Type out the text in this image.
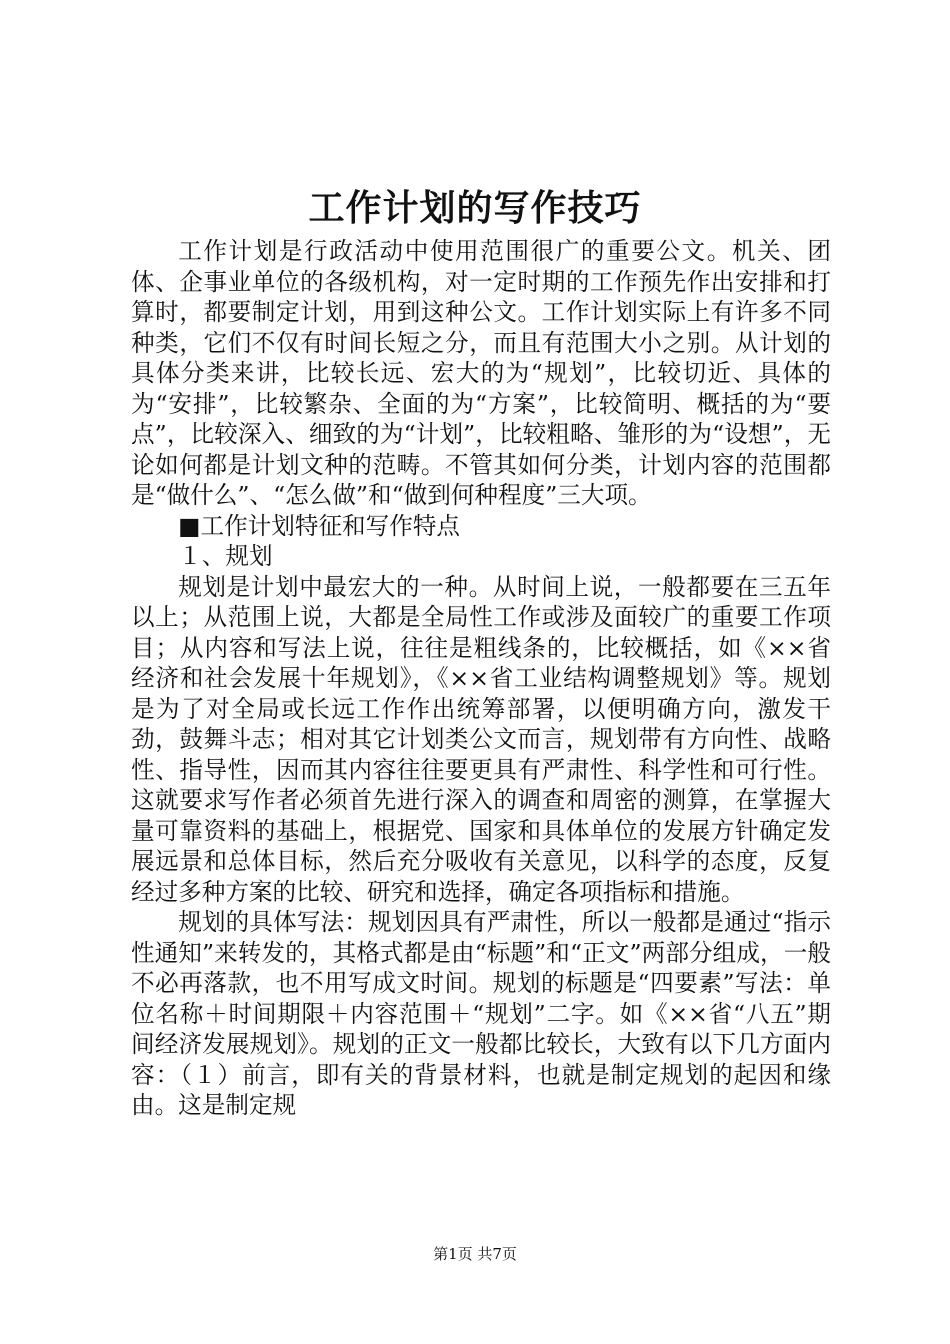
工作计划的写作技巧

工作计划是行政活动中使用范围很广的重要公文。机关、团体、企事业单位的各级机构，对一定时期的工作预先作出安排和打算时，都要制定计划，用到这种公文。工作计划实际上有许多不同种类，它们不仅有时间长短之分，而且有范围大小之别。从计划的具体分类来讲，比较长远、宏大的为“规划”，比较切近、具体的为“安排”，比较繁杂、全面的为“方案”，比较简明、概括的为“要点”，比较深入、细致的为“计划”，比较粗略、雏形的为“设想”，无论如何都是计划文种的范畴。不管其如何分类，计划内容的范围都是“做什么”、“怎么做”和“做到何种程度”三大项。

■工作计划特征和写作特点

１、规划

规划是计划中最宏大的一种。从时间上说，一般都要在三五年以上；从范围上说，大都是全局性工作或涉及面较广的重要工作项目；从内容和写法上说，往往是粗线条的，比较概括，如《××省经济和社会发展十年规划》，《××省工业结构调整规划》等。规划是为了对全局或长远工作作出统筹部署，以便明确方向，激发干劲，鼓舞斗志；相对其它计划类公文而言，规划带有方向性、战略性、指导性，因而其内容往往要更具有严肃性、科学性和可行性。这就要求写作者必须首先进行深入的调查和周密的测算，在掌握大量可靠资料的基础上，根据党、国家和具体单位的发展方针确定发展远景和总体目标，然后充分吸收有关意见，以科学的态度，反复经过多种方案的比较、研究和选择，确定各项指标和措施。

规划的具体写法：规划因具有严肃性，所以一般都是通过“指示性通知”来转发的，其格式都是由“标题”和“正文”两部分组成，一般不必再落款，也不用写成文时间。规划的标题是“四要素”写法：单位名称＋时间期限＋内容范围＋“规划”二字。如《××省“八五”期间经济发展规划》。规划的正文一般都比较长，大致有以下几方面内容：（１）前言，即有关的背景材料，也就是制定规划的起因和缘由。这是制定规

第1页 共7页
